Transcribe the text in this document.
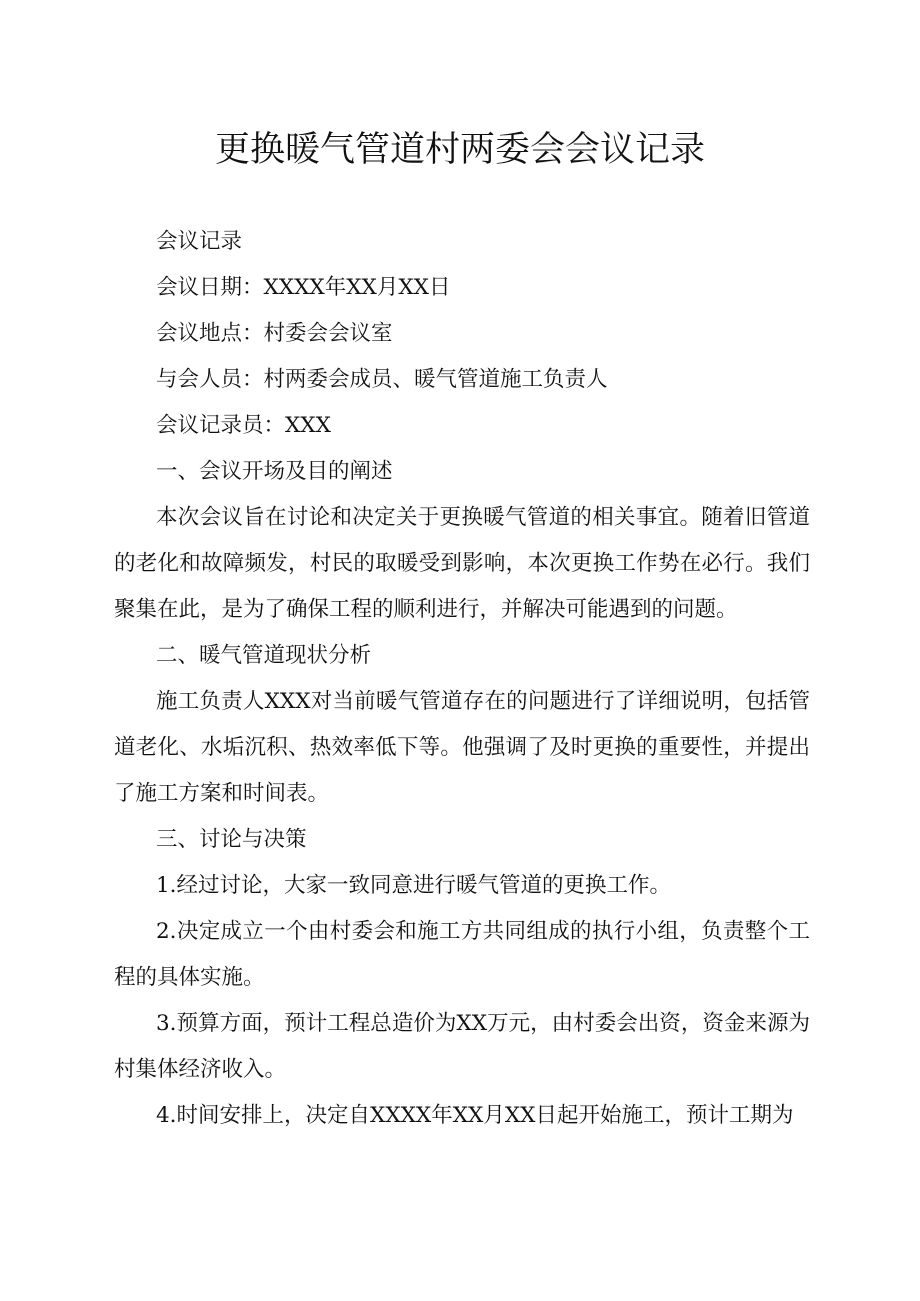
更换暖气管道村两委会会议记录
会议记录
会议日期：XXXX年XX月XX日
会议地点：村委会会议室
与会人员：村两委会成员、暖气管道施工负责人
会议记录员：XXX
一、会议开场及目的阐述
本次会议旨在讨论和决定关于更换暖气管道的相关事宜。随着旧管道的老化和故障频发，村民的取暖受到影响，本次更换工作势在必行。我们聚集在此，是为了确保工程的顺利进行，并解决可能遇到的问题。
二、暖气管道现状分析
施工负责人XXX对当前暖气管道存在的问题进行了详细说明，包括管道老化、水垢沉积、热效率低下等。他强调了及时更换的重要性，并提出了施工方案和时间表。
三、讨论与决策
1.经过讨论，大家一致同意进行暖气管道的更换工作。
2.决定成立一个由村委会和施工方共同组成的执行小组，负责整个工程的具体实施。
3.预算方面，预计工程总造价为XX万元，由村委会出资，资金来源为村集体经济收入。
4.时间安排上，决定自XXXX年XX月XX日起开始施工，预计工期为
